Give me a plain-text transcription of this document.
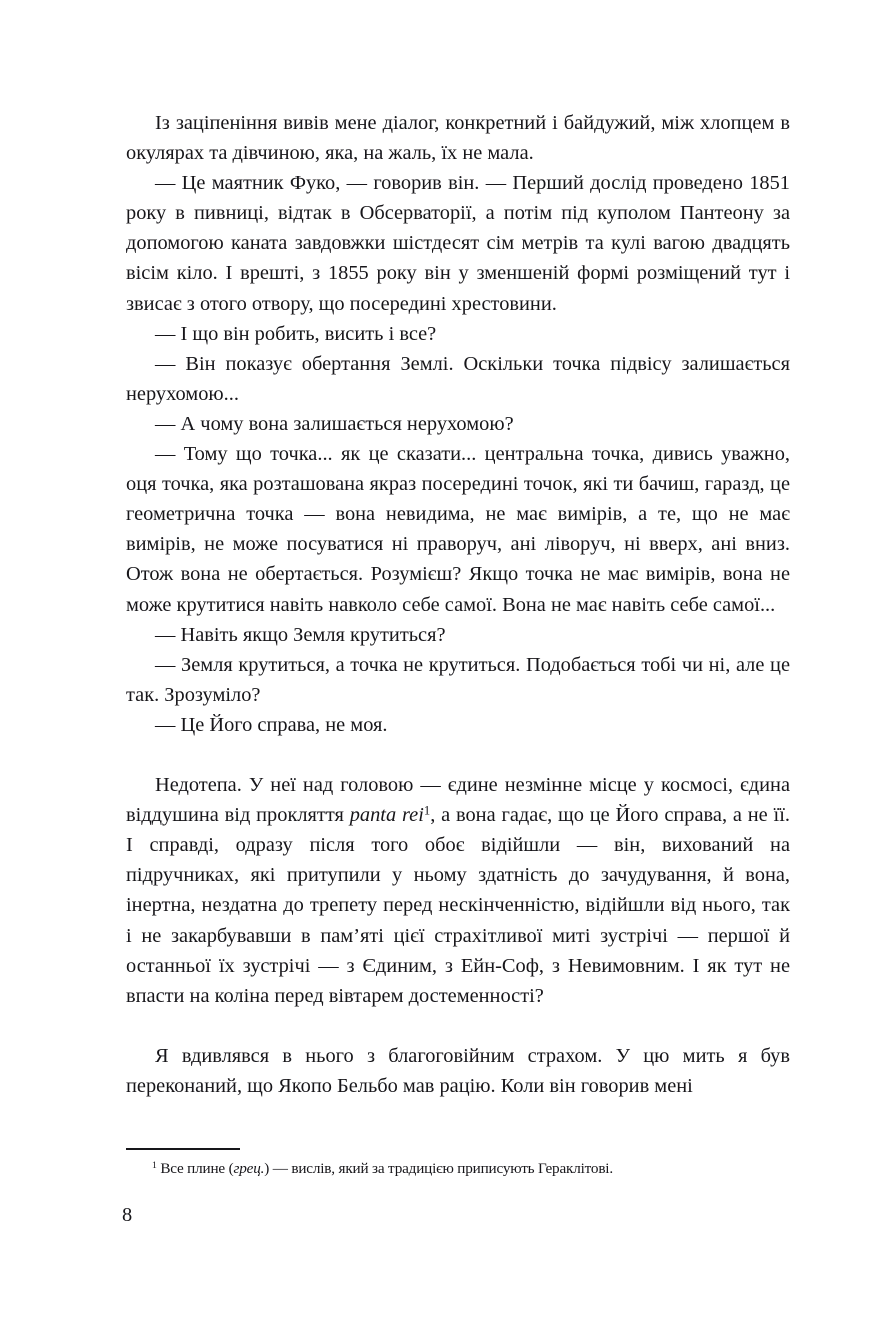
Із заціпеніння вивів мене діалог, конкретний і байдужий, між хлопцем в окулярах та дівчиною, яка, на жаль, їх не мала.

— Це маятник Фуко, — говорив він. — Перший дослід проведено 1851 року в пивниці, відтак в Обсерваторії, а потім під куполом Пантеону за допомогою каната завдовжки шістдесят сім метрів та кулі вагою двадцять вісім кіло. І врешті, з 1855 року він у зменшеній формі розміщений тут і звисає з отого отвору, що посередині хрестовини.

— І що він робить, висить і все?

— Він показує обертання Землі. Оскільки точка підвісу залишається нерухомою...

— А чому вона залишається нерухомою?

— Тому що точка... як це сказати... центральна точка, дивись уважно, оця точка, яка розташована якраз посередині точок, які ти бачиш, гаразд, це геометрична точка — вона невидима, не має вимірів, а те, що не має вимірів, не може посуватися ні праворуч, ані ліворуч, ні вверх, ані вниз. Отож вона не обертається. Розумієш? Якщо точка не має вимірів, вона не може крутитися навіть навколо себе самої. Вона не має навіть себе самої...

— Навіть якщо Земля крутиться?

— Земля крутиться, а точка не крутиться. Подобається тобі чи ні, але це так. Зрозуміло?

— Це Його справа, не моя.

Недотепа. У неї над головою — єдине незмінне місце у космосі, єдина віддушина від прокляття panta rei$^1$, а вона гадає, що це Його справа, а не її. І справді, одразу після того обоє відійшли — він, вихований на підручниках, які притупили у ньому здатність до зачудування, й вона, інертна, нездатна до трепету перед нескінченністю, відійшли від нього, так і не закарбувавши в пам’яті цієї страхітливої миті зустрічі — першої й останньої їх зустрічі — з Єдиним, з Ейн-Соф, з Невимовним. І як тут не впасти на коліна перед вівтарем достеменності?

Я вдивлявся в нього з благоговійним страхом. У цю мить я був переконаний, що Якопо Бельбо мав рацію. Коли він говорив мені

$^1$ Все плине (грец.) — вислів, який за традицією приписують Гераклітові.

8
